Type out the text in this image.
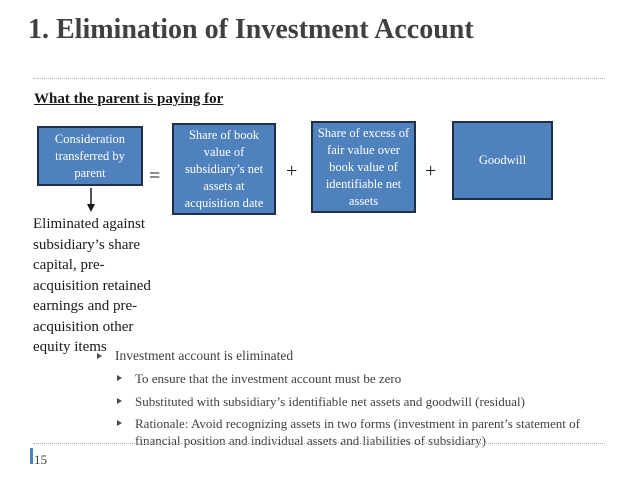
1. Elimination of Investment Account
What the parent is paying for
Consideration transferred by parent	=
Share of book value of subsidiary’s net assets at acquisition date
+
Share of excess of fair value over book value of identifiable net assets
+	Goodwill
Eliminated against subsidiary’s share capital, pre-acquisition retained earnings and pre-acquisition other equity items
Investment account is eliminated
To ensure that the investment account must be zero
Substituted with subsidiary’s identifiable net assets and goodwill (residual)
Rationale: Avoid recognizing assets in two forms (investment in parent’s statement of financial position and individual assets and liabilities of subsidiary)
15
